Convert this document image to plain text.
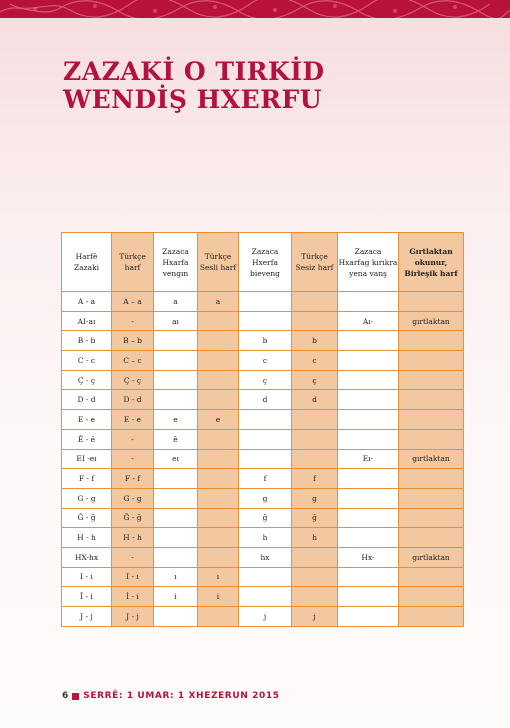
ZAZAKİ O TIRKİD
WENDİŞ HXERFU
Harfê Zazaki	Türkçe harf	Zazaca Hxarfa vengın	Türkçe Sesli harf	Zazaca Hxerfa bieveng	Türkçe Sesiz harf	Zazaca Hxarfag kırıkra yena vanş	Gırtlaktan okunur, Birleşik harf
A - a	A – a	a	a				
AI-aı	-	aı				Aı-	gırtlaktan
B - b	B – b			b	b		
C - c	C – c			c	c		
Ç - ç	Ç - ç			ç	ç		
D - d	D - d			d	d		
E - e	E - e	e	e				
Ê - ê	-	ê					
EI -eı	-	eı				Eı-	gırtlaktan
F - f	F - f			f	f		
G - g	G - g			g	g		
Ğ - ğ	Ğ - ğ			ğ	ğ		
H - h	H - h			h	h		
HX-hx	-			hx		Hx-	gırtlaktan
I - ı	I - ı	ı	ı				
Î - i	İ - i	i	i				
J - j	J - j			j	j		
6 SERRÊ: 1 UMAR: 1 XHEZERUN 2015
